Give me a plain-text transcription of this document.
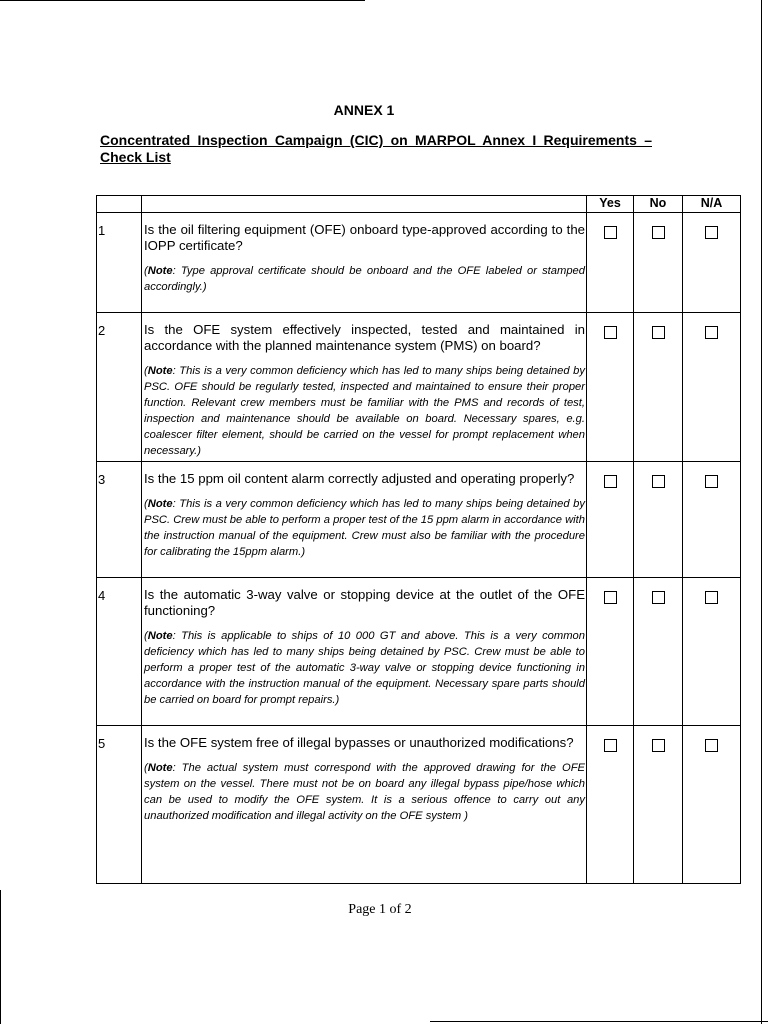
ANNEX 1
Concentrated Inspection Campaign (CIC) on MARPOL Annex I Requirements – Check List
		Yes	No	N/A

1	Is the oil filtering equipment (OFE) onboard type-approved according to the IOPP certificate?
(Note: Type approval certificate should be onboard and the OFE labeled or stamped accordingly.)			

2	Is the OFE system effectively inspected, tested and maintained in accordance with the planned maintenance system (PMS) on board?
(Note: This is a very common deficiency which has led to many ships being detained by PSC. OFE should be regularly tested, inspected and maintained to ensure their proper function. Relevant crew members must be familiar with the PMS and records of test, inspection and maintenance should be available on board. Necessary spares, e.g. coalescer filter element, should be carried on the vessel for prompt replacement when necessary.)			

3	Is the 15 ppm oil content alarm correctly adjusted and operating properly?
(Note: This is a very common deficiency which has led to many ships being detained by PSC. Crew must be able to perform a proper test of the 15 ppm alarm in accordance with the instruction manual of the equipment. Crew must also be familiar with the procedure for calibrating the 15ppm alarm.)			

4	Is the automatic 3-way valve or stopping device at the outlet of the OFE functioning?
(Note: This is applicable to ships of 10 000 GT and above. This is a very common deficiency which has led to many ships being detained by PSC. Crew must be able to perform a proper test of the automatic 3-way valve or stopping device functioning in accordance with the instruction manual of the equipment. Necessary spare parts should be carried on board for prompt repairs.)			

5	Is the OFE system free of illegal bypasses or unauthorized modifications?
(Note: The actual system must correspond with the approved drawing for the OFE system on the vessel. There must not be on board any illegal bypass pipe/hose which can be used to modify the OFE system. It is a serious offence to carry out any unauthorized modification and illegal activity on the OFE system )			

Page 1 of 2
